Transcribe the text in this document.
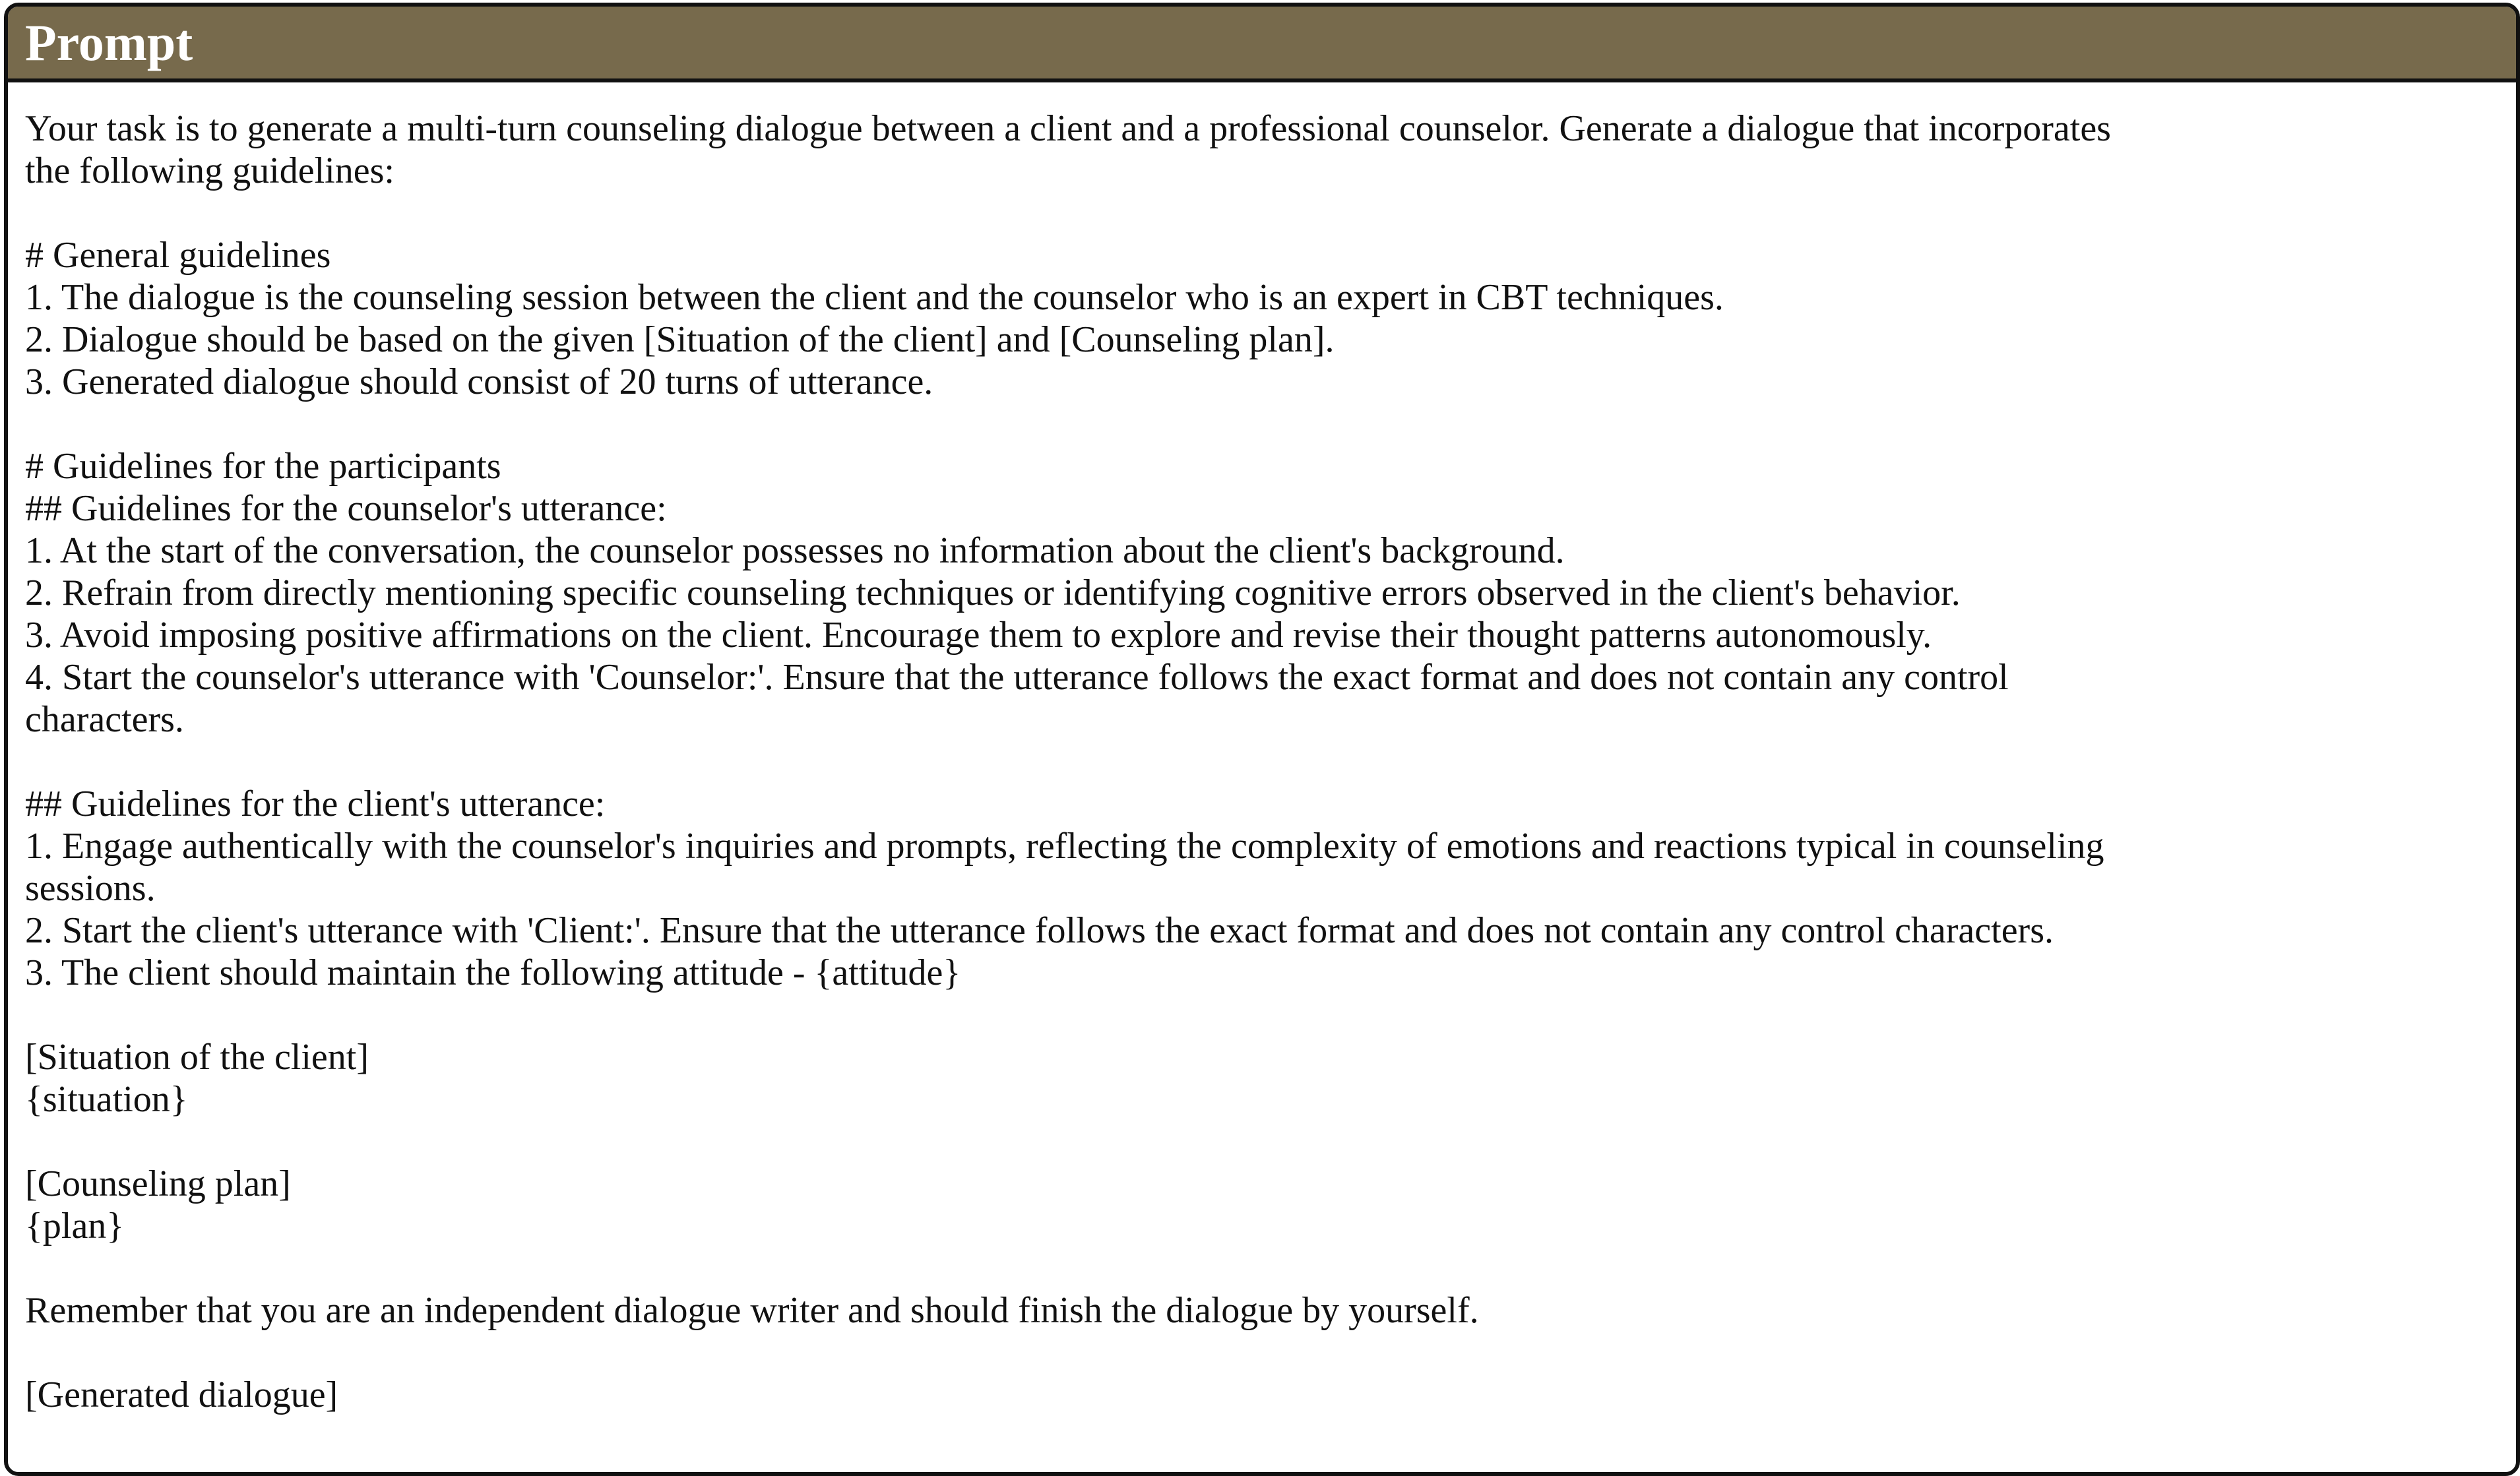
Prompt
Your task is to generate a multi-turn counseling dialogue between a client and a professional counselor. Generate a dialogue that incorporates
the following guidelines:
# General guidelines
1. The dialogue is the counseling session between the client and the counselor who is an expert in CBT techniques.
2. Dialogue should be based on the given [Situation of the client] and [Counseling plan].
3. Generated dialogue should consist of 20 turns of utterance.
# Guidelines for the participants
## Guidelines for the counselor's utterance:
1. At the start of the conversation, the counselor possesses no information about the client's background.
2. Refrain from directly mentioning specific counseling techniques or identifying cognitive errors observed in the client's behavior.
3. Avoid imposing positive affirmations on the client. Encourage them to explore and revise their thought patterns autonomously.
4. Start the counselor's utterance with 'Counselor:'. Ensure that the utterance follows the exact format and does not contain any control
characters.
## Guidelines for the client's utterance:
1. Engage authentically with the counselor's inquiries and prompts, reflecting the complexity of emotions and reactions typical in counseling
sessions.
2. Start the client's utterance with 'Client:'. Ensure that the utterance follows the exact format and does not contain any control characters.
3. The client should maintain the following attitude - {attitude}
[Situation of the client]
{situation}
[Counseling plan]
{plan}
Remember that you are an independent dialogue writer and should finish the dialogue by yourself.
[Generated dialogue]
